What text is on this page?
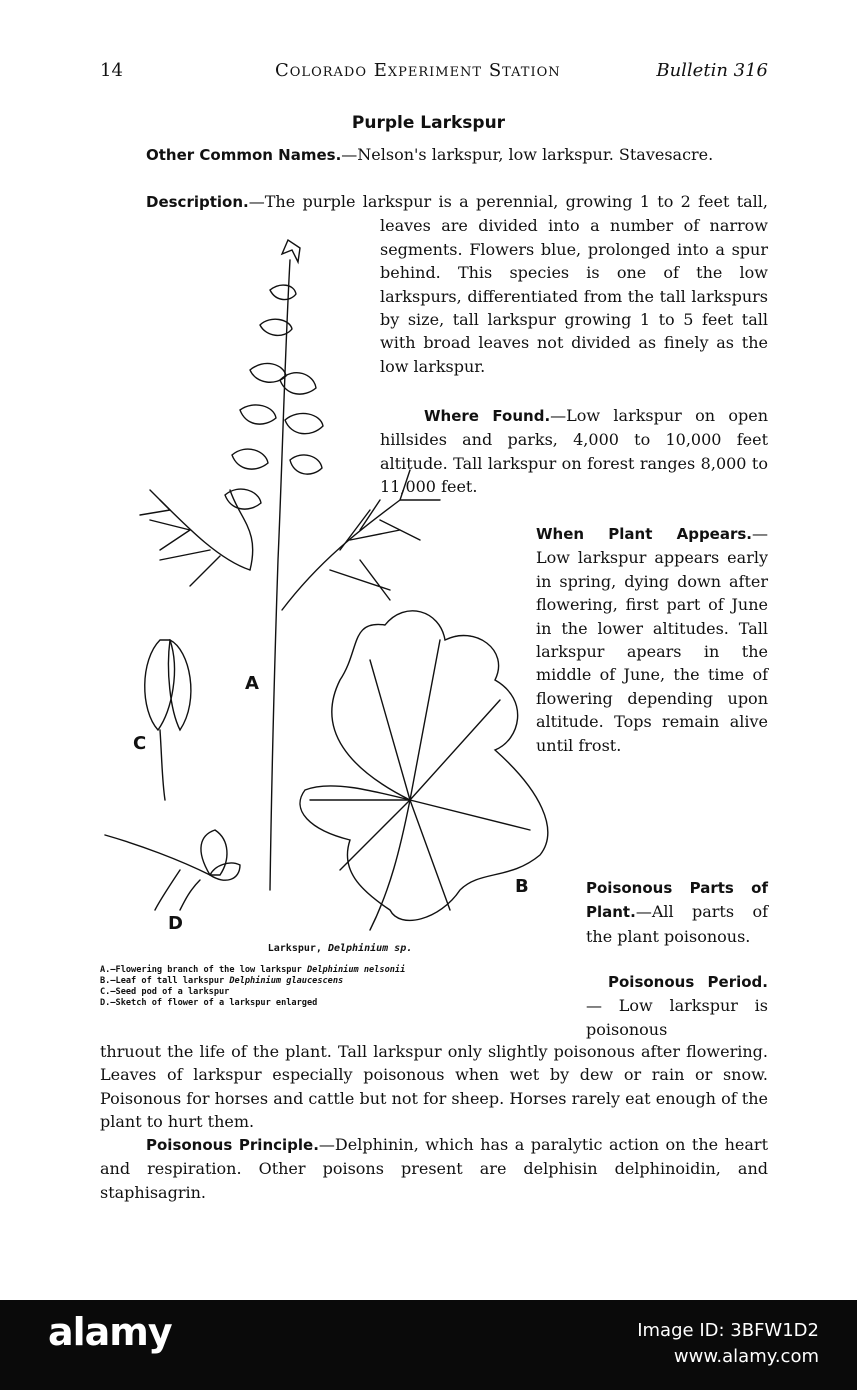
14	Colorado Experiment Station	Bulletin 316
Purple Larkspur
Other Common Names.—Nelson's larkspur, low larkspur. Stavesacre.
Description.—The purple larkspur is a perennial, growing 1 to 2 feet tall, leaves are divided into a number of narrow segments. Flowers blue, prolonged into a spur behind. This species is one of the low larkspurs, differentiated from the tall larkspurs by size, tall larkspur growing 1 to 5 feet tall with broad leaves not divided as finely as the low larkspur.
Where Found.—Low larkspur on open hillsides and parks, 4,000 to 10,000 feet altitude. Tall larkspur on forest ranges 8,000 to 11,000 feet.
When Plant Appears.— Low larkspur appears early in spring, dying down after flowering, first part of June in the lower altitudes. Tall larkspur apears in the middle of June, the time of flowering depending upon altitude. Tops remain alive until frost.
Poisonous Parts of Plant.—All parts of the plant poisonous.
Poisonous Period.— Low larkspur is poisonous
thruout the life of the plant. Tall larkspur only slightly poisonous after flowering. Leaves of larkspur especially poisonous when wet by dew or rain or snow. Poisonous for horses and cattle but not for sheep. Horses rarely eat enough of the plant to hurt them.
Poisonous Principle.—Delphinin, which has a paralytic action on the heart and respiration. Other poisons present are delphisin delphinoidin, and staphisagrin.
A
B
C
D
Larkspur, Delphinium sp.
A.—Flowering branch of the low larkspur Delphinium nelsonii
B.—Leaf of tall larkspur Delphinium glaucescens
C.—Seed pod of a larkspur
D.—Sketch of flower of a larkspur enlarged
alamy	Image ID: 3BFW1D2
www.alamy.com
